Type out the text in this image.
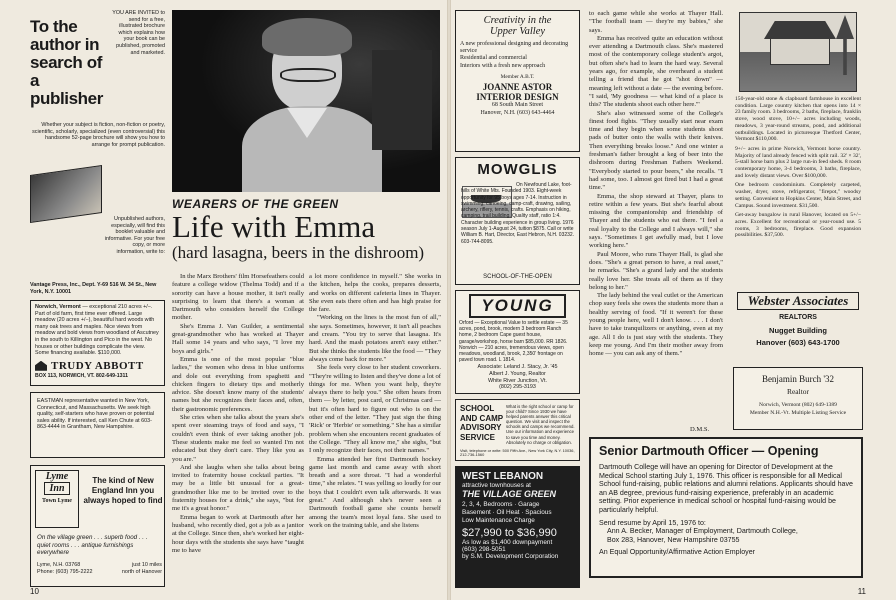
To the author in search of a publisher
YOU ARE INVITED to send for a free, illustrated brochure which explains how your book can be published, promoted and marketed.
Whether your subject is fiction, non-fiction or poetry, scientific, scholarly, specialized (even controversial) this handsome 52-page brochure will show you how to arrange for prompt publication.
Unpublished authors, especially, will find this booklet valuable and informative. For your free copy, or more information, write to:
Vantage Press, Inc., Dept. Y-69 516 W. 34 St., New York, N.Y. 10001
Norwich, Vermont — exceptional 210 acres +/−. Part of old farm, first time ever offered. Large meadow (20 acres +/−), beautiful hard woods with many oak trees and maples. Nice views from meadow and bold views from woodland of Ascutney in the south to Killington and Pico in the west. No houses or other buildings complicate the view. Some financing available. $110,000.
TRUDY ABBOTT
BOX 113, NORWICH, VT. 802-649-1311
EASTMAN representative wanted in New York, Connecticut, and Massachusetts. We seek high quality, self-starters who have proven or potential sales ability. If interested, call Ken Chute at 603-863-4444 in Grantham, New Hampshire.
Lyme
Inn
Town Lyme
The kind of New England Inn you always hoped to find
On the village green . . . superb food . . . quiet rooms . . . antique furnishings everywhere
Lyme, N.H. 03768	just 10 miles
Phone: (603) 795-2222	north of Hanover
WEARERS OF THE GREEN
Life with Emma
(hard lasagna, beers in the dishroom)

In the Marx Brothers' film Horsefeathers could feature a college widow (Thelma Todd) and if a sorority can have a house mother, it isn't really surprising to learn that there's a woman at Dartmouth who considers herself the College mother.

She's Emma J. Van Guilder, a sentimental great-grandmother who has worked at Thayer Hall some 14 years and who says, "I love my boys and girls."

Emma is one of the most popular "blue ladies," the women who dress in blue uniforms and dole out everything from spaghetti and chicken fingers to dietary tips and motherly advice. She doesn't know many of the students' names but she recognizes their faces and, often, their gastronomic preferences.

She cries when she talks about the years she's spent over steaming trays of food and says, "I couldn't even think of ever taking another job. These students make me feel so wanted I'm not educated but they don't care. They like you as you are."

And she laughs when she talks about being invited to fraternity house cocktail parties. "It may be a little bit unusual for a great-grandmother like me to be invited over to the fraternity houses for a drink," she says, "but for me it's a great honor."

Emma began to work at Dartmouth after her husband, who recently died, got a job as a janitor at the College. Since then, she's worked her eight-hour days with the students she says have "taught me to have

a lot more confidence in myself." She works in the kitchen, helps the cooks, prepares desserts, and works on different cafeteria lines in Thayer. She even eats there often and has high praise for the fare.

"Working on the lines is the most fun of all," she says. Sometimes, however, it isn't all peaches and cream. "You try to serve that lasagna. It's hard. And the mash potatoes aren't easy either." But she thinks the students like the food — "They always come back for more."

She feels very close to her student coworkers. "They're willing to listen and they've done a lot of things for me. When you want help, they're always there to help you." She often hears from them — by letter, post card, or Christmas card — but it's often hard to figure out who is on the other end of the letter. "They just sign the thing 'Rick' or 'Herbie' or something." She has a similar problem when she encounters recent graduates of the College. "They all know me," she sighs, "but I only recognize their faces, not their names."

Emma attended her first Dartmouth hockey game last month and came away with short breath and a sore throat. "I had a wonderful time," she relates. "I was yelling so loudly for our boys that I couldn't even talk afterwards. It was great." And although she's never seen a Dartmouth football game she counts herself among the team's most loyal fans. She used to work on the training table, and she listens

10
Creativity in the
Upper Valley
A new professional designing and decorating service
Residential and commercial
Interiors with a fresh new approach
Member A.B.T.
JOANNE ASTOR
INTERIOR DESIGN
68 South Main Street
Hanover, N.H. (603) 643-4464
MOWGLIS
On Newfound Lake, foot-hills of White Mts. Founded 1903. Eight-week opportunity for 95 boys ages 7-14. Instruction in swimming, canoeing, camp-craft, drawing, sailing, archery, riflery, tennis, crafts. Emphasis on hiking, camping, trail building. Quality staff, ratio 1:4. Character building experience in group living. 1976 season July 1-August 24, tuition $875. Call or write William B. Hart, Director, East Hebron, N.H. 03232. 603-744-8095.
SCHOOL-OF-THE-OPEN
YOUNG
Orford — Exceptional Value to settle estate — 35 acres, pond, brook, modern 3 bedroom Ranch home, 2 bedroom Cape guest house, garage/workshop, horse barn $85,000. RR 1826. Norwich — 210 acres, tremendous views, open meadows, woodland, brook, 2,350' frontage on paved town road. L 1814.
Associate: Leland J. Stacy, Jr. '45
Albert J. Young, Realtor
White River Junction, Vt.
(802) 295-3193
SCHOOL AND CAMP ADVISORY SERVICE
What is the right school or camp for your child? Since 1930 we have helped parents answer this critical question. We visit and inspect the schools and camps we recommend. Use our information and experience to save you time and money. Absolutely no charge or obligation.
Visit, telephone or write: 500 Fifth Ave., New York City, N.Y. 10036, 212-736-1560
WEST LEBANON
attractive townhouses at
THE VILLAGE GREEN
2, 3, 4, Bedrooms · Garage
Basement · Oil Heat · Spacious
Low Maintenance Charge
$27,990 to $36,990
As low as $1,400 downpayment
(603) 298-5051
by S.M. Development Corporation

to each game while she works at Thayer Hall. "The football team — they're my babies," she says.

Emma has received quite an education without ever attending a Dartmouth class. She's mastered most of the contemporary college student's argot, but often she's had to learn the hard way. Several years ago, for example, she overheard a student telling a friend that he got "shot down" — meaning left without a date — the evening before. "I said, 'My goodness — what kind of a place is this? The students shoot each other here.'"

She's also witnessed some of the College's finest food fights. "They usually start near exam time and they begin when some students shoot pads of butter onto the walls with their knives. Then everything breaks loose." And one winter a freshman's father brought a keg of beer into the dishroom during Freshman Fathers Weekend. "Everybody started to pour beers," she recalls. "I had some, too. I almost got fired but I had a great time."

Emma, the shop steward at Thayer, plans to retire within a few years. But she's fearful about missing the companionship and friendship of Thayer and the students who eat there. "I feel a real loyalty to the College and I always will," she says. "Sometimes I get awfully mad, but I love working here."

Paul Moore, who runs Thayer Hall, is glad she does. "She's a great person to have, a real asset," he remarks. "She's a grand lady and the students really love her. She treats all of them as if they belong to her."

The lady behind the veal cutlet or the American chop suey feels she owes the students more than a healthy serving of food. "If it weren't for these young people here, well I don't know. . . . I don't have to take tranquilizers or anything, even at my age. All I do is just stay with the students. They keep me young. And I'm their mother away from home — you can ask any of them."

D.M.S.

150-year-old stone & clapboard farmhouse in excellent condition. Large country kitchen that opens into 14 × 23 family room. 3 bedrooms, 2 baths, fireplace, franklin stove, wood stove, 10+/− acres including woods, meadows, 3 year-round streams, pond, and additional outbuildings. Located in picturesque Thetford Center, Vermont $110,000.

9+/− acres in prime Norwich, Vermont horse country. Majority of land already fenced with split rail. 32' × 32', 5-stall horse barn plus 2 large run-in feed sheds. 8 room contemporary home, 3-4 bedrooms, 3 baths, fireplace, and lovely distant views. Over $100,000.

One bedroom condominium. Completely carpeted, washer, dryer, stove, refrigerator, "firepot," woodsy setting. Convenient to Hopkins Center, Main Street, and Campus. Sound investment. $31,500.

Get-away bungalow in rural Hanover, located on 5+/− acres. Excellent for recreational or year-round use. 5 rooms, 3 bedrooms, fireplace. Good expansion possibilities. $37,500.

Webster Associates
REALTORS
Nugget Building
Hanover (603) 643-1700
Benjamin Burch '32
Realtor
Norwich, Vermont (802) 649-1389
Member N.H.-Vt. Multiple Listing Service
Senior Dartmouth Officer — Opening
Dartmouth College will have an opening for Director of Development at the Medical School starting July 1, 1976. This officer is responsible for all Medical School fund-raising, public relations and alumni relations. Applicants should have an AB degree, previous fund-raising experience, preferably in an academic setting. Prior experience in medical school or hospital fund-raising would be particularly helpful.
Send resume by April 15, 1976 to:
Ann A. Becker, Manager of Employment, Dartmouth College,
Box 283, Hanover, New Hampshire 03755
An Equal Opportunity/Affirmative Action Employer
11
